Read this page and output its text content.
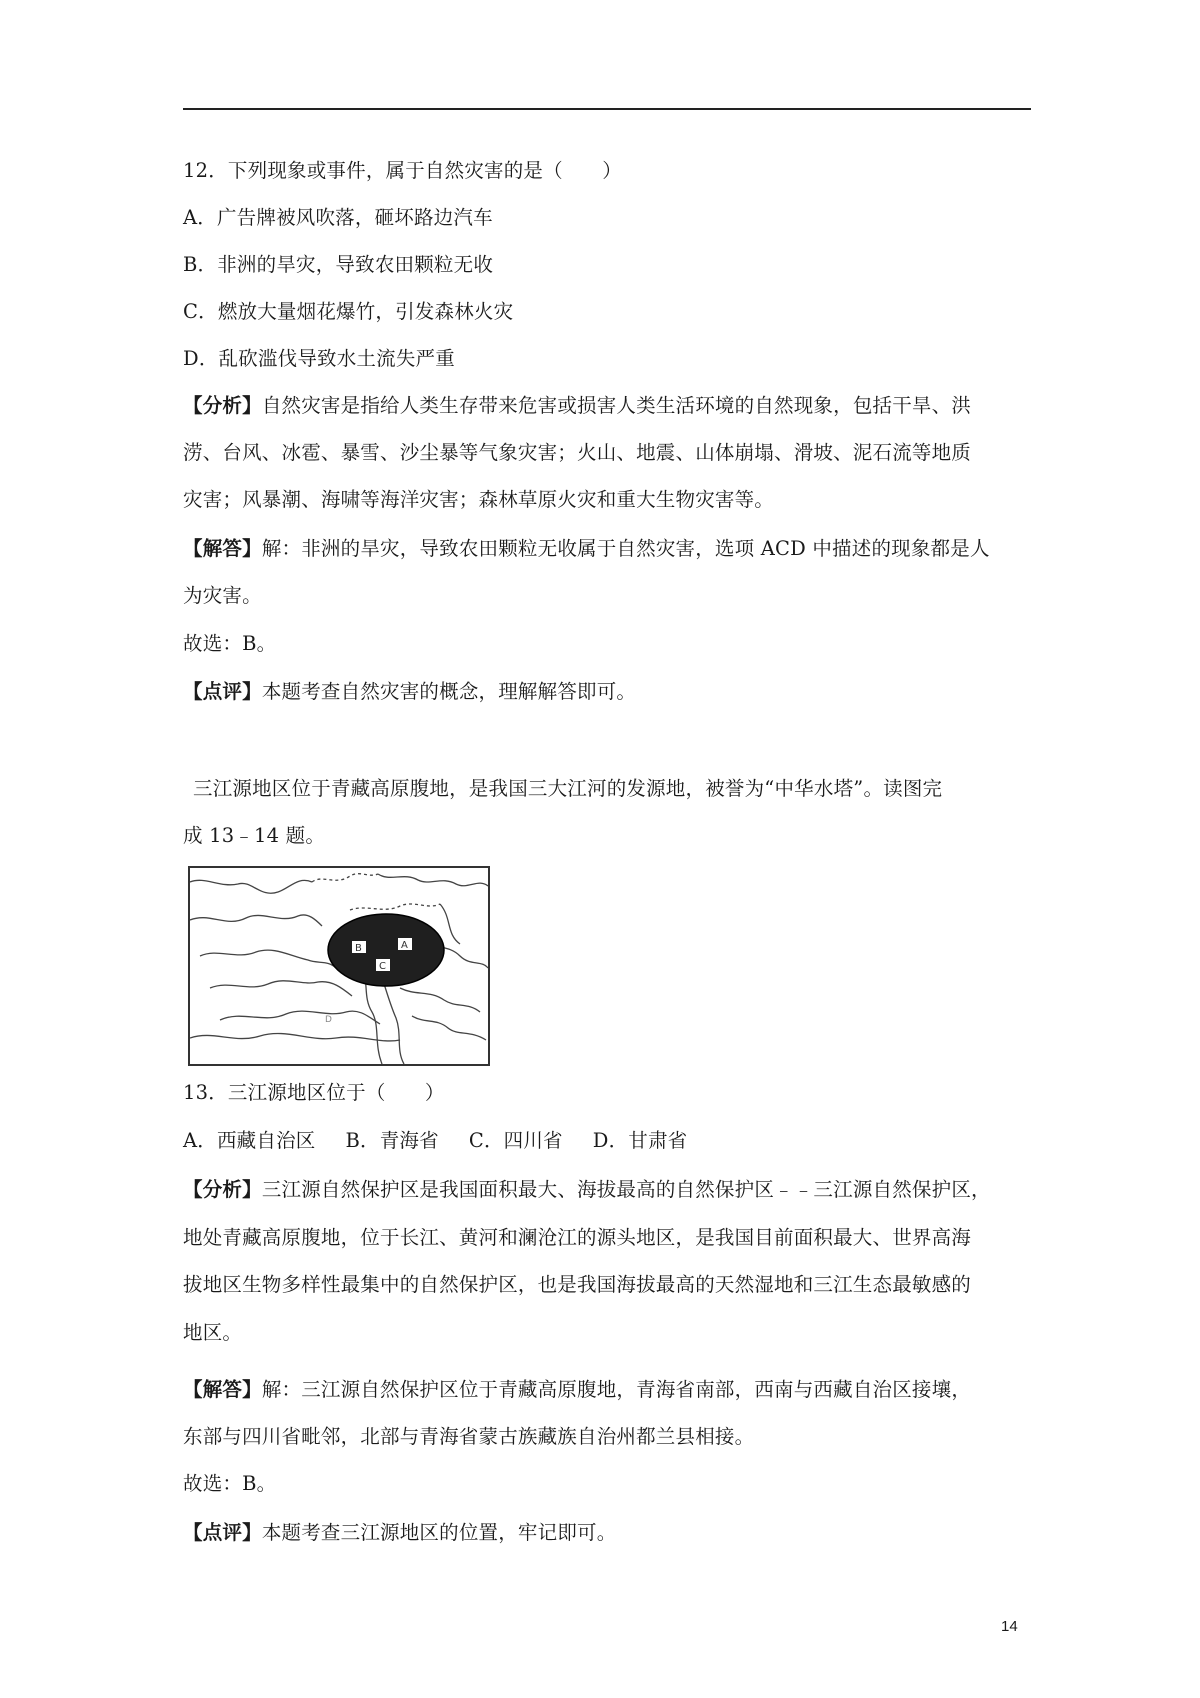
12．下列现象或事件，属于自然灾害的是（　　）
A．广告牌被风吹落，砸坏路边汽车
B．非洲的旱灾，导致农田颗粒无收
C．燃放大量烟花爆竹，引发森林火灾
D．乱砍滥伐导致水土流失严重
【分析】自然灾害是指给人类生存带来危害或损害人类生活环境的自然现象，包括干旱、洪
涝、台风、冰雹、暴雪、沙尘暴等气象灾害；火山、地震、山体崩塌、滑坡、泥石流等地质
灾害；风暴潮、海啸等海洋灾害；森林草原火灾和重大生物灾害等。
【解答】解：非洲的旱灾，导致农田颗粒无收属于自然灾害，选项 ACD 中描述的现象都是人
为灾害。
故选：B。
【点评】本题考查自然灾害的概念，理解解答即可。
三江源地区位于青藏高原腹地，是我国三大江河的发源地，被誉为“中华水塔”。读图完
成 13﹣14 题。
B	A
C
D
13．三江源地区位于（　　）
A．西藏自治区 B．青海省 C．四川省 D．甘肃省
【分析】三江源自然保护区是我国面积最大、海拔最高的自然保护区﹣﹣三江源自然保护区，
地处青藏高原腹地，位于长江、黄河和澜沧江的源头地区，是我国目前面积最大、世界高海
拔地区生物多样性最集中的自然保护区，也是我国海拔最高的天然湿地和三江生态最敏感的
地区。
【解答】解：三江源自然保护区位于青藏高原腹地，青海省南部，西南与西藏自治区接壤，
东部与四川省毗邻，北部与青海省蒙古族藏族自治州都兰县相接。
故选：B。
【点评】本题考查三江源地区的位置，牢记即可。
14
